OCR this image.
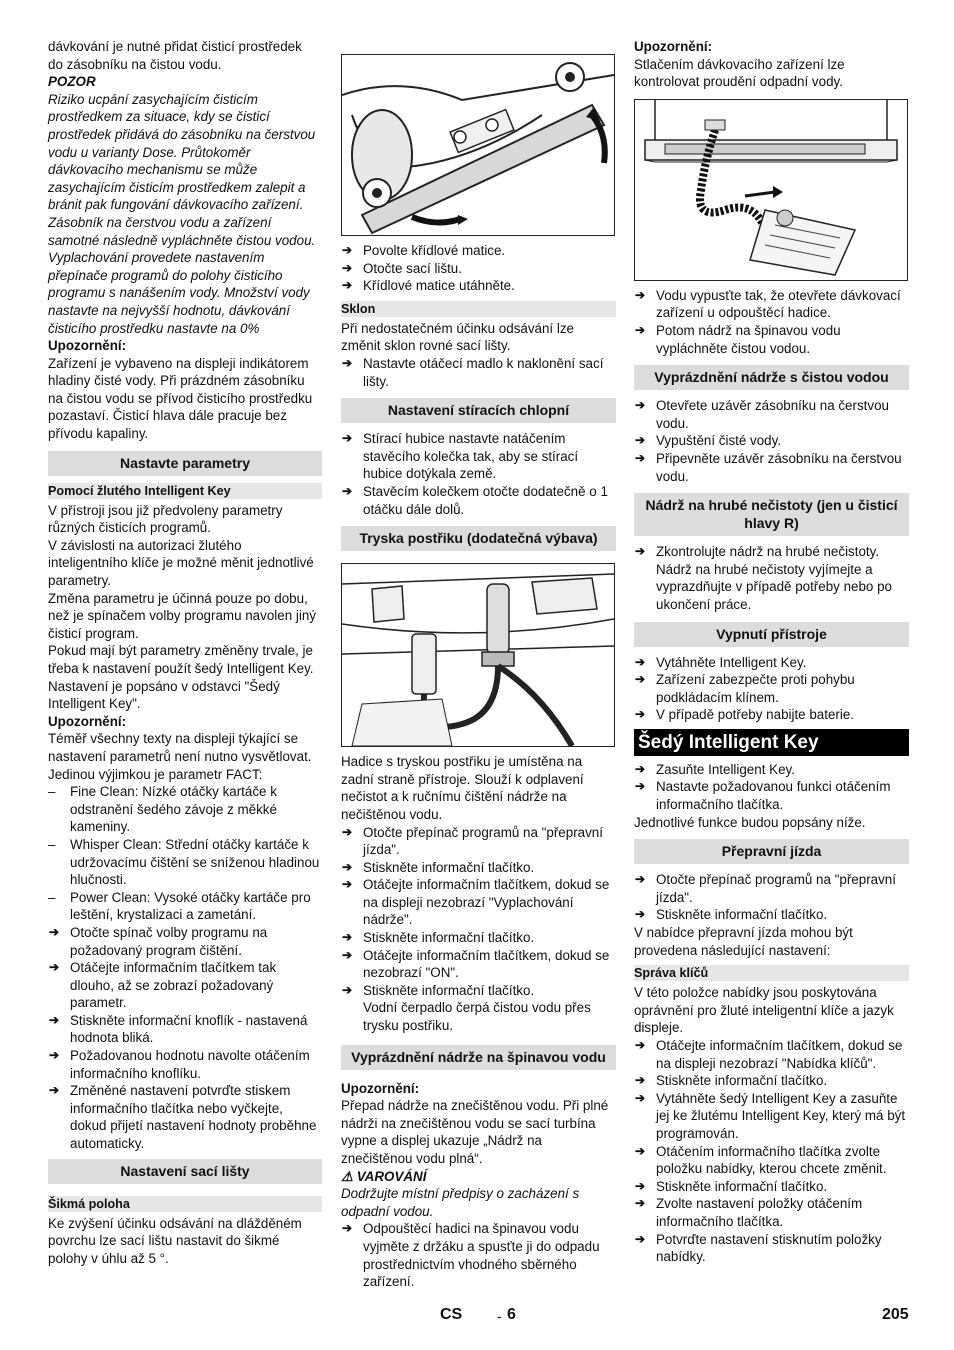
dávkování je nutné přidat čisticí prostředek

do zásobníku na čistou vodu.

POZOR

Riziko ucpání zasychajícím čisticím prostředkem za situace, kdy se čisticí prostředek přidává do zásobníku na čerstvou vodu u varianty Dose. Průtokoměr dávkovacího mechanismu se může zasychajícím čisticím prostředkem zalepit a bránit pak fungování dávkovacího zařízení. Zásobník na čerstvou vodu a zařízení samotné následně vypláchněte čistou vodou. Vyplachování provedete nastavením přepínače programů do polohy čisticího programu s nanášením vody. Množství vody nastavte na nejvyšší hodnotu, dávkování čisticího prostředku nastavte na 0%

Upozornění:

Zařízení je vybaveno na displeji indikátorem hladiny čisté vody. Při prázdném zásobníku na čistou vodu se přívod čisticího prostředku pozastaví. Čisticí hlava dále pracuje bez přívodu kapaliny.

Nastavte parametry
Pomocí žlutého Intelligent Key

V přístroji jsou již předvoleny parametry různých čisticích programů.

V závislosti na autorizaci žlutého inteligentního klíče je možné měnit jednotlivé parametry.

Změna parametru je účinná pouze po dobu, než je spínačem volby programu navolen jiný čisticí program.

Pokud mají být parametry změněny trvale, je třeba k nastavení použít šedý Intelligent Key. Nastavení je popsáno v odstavci "Šedý Intelligent Key".

Upozornění:

Téměř všechny texty na displeji týkající se nastavení parametrů není nutno vysvětlovat. Jedinou výjimkou je parametr FACT:

– Fine Clean: Nízké otáčky kartáče k odstranění šedého závoje z měkké kameniny.

– Whisper Clean: Střední otáčky kartáče k udržovacímu čištění se sníženou hladinou hlučnosti.

– Power Clean: Vysoké otáčky kartáče pro leštění, krystalizaci a zametání.

➔ Otočte spínač volby programu na požadovaný program čištění.

➔ Otáčejte informačním tlačítkem tak dlouho, až se zobrazí požadovaný parametr.

➔ Stiskněte informační knoflík - nastavená hodnota bliká.

➔ Požadovanou hodnotu navolte otáčením informačního knoflíku.

➔ Změněné nastavení potvrďte stiskem informačního tlačítka nebo vyčkejte, dokud přijetí nastavení hodnoty proběhne automaticky.

Nastavení sací lišty
Šikmá poloha

Ke zvýšení účinku odsávání na dlážděném povrchu lze sací lištu nastavit do šikmé polohy v úhlu až 5 °.

➔ Povolte křídlové matice.

➔ Otočte sací lištu.

➔ Křídlové matice utáhněte.

Sklon

Při nedostatečném účinku odsávání lze změnit sklon rovné sací lišty.

➔ Nastavte otáčecí madlo k naklonění sací lišty.

Nastavení stíracích chlopní

➔ Stírací hubice nastavte natáčením stavěcího kolečka tak, aby se stírací hubice dotýkala země.

➔ Stavěcím kolečkem otočte dodatečně o 1 otáčku dále dolů.

Tryska postřiku (dodatečná výbava)

Hadice s tryskou postřiku je umístěna na zadní straně přístroje. Slouží k odplavení nečistot a k ručnímu čištění nádrže na nečištěnou vodu.

➔ Otočte přepínač programů na "přepravní jízda".

➔ Stiskněte informační tlačítko.

➔ Otáčejte informačním tlačítkem, dokud se na displeji nezobrazí "Vyplachování nádrže".

➔ Stiskněte informační tlačítko.

➔ Otáčejte informačním tlačítkem, dokud se nezobrazí "ON".

➔ Stiskněte informační tlačítko.

Vodní čerpadlo čerpá čistou vodu přes trysku postřiku.

Vyprázdnění nádrže na špinavou vodu

Upozornění:

Přepad nádrže na znečištěnou vodu. Při plné nádrži na znečištěnou vodu se sací turbína vypne a displej ukazuje „Nádrž na znečištěnou vodu plná“.

⚠ VAROVÁNÍ

Dodržujte místní předpisy o zacházení s odpadní vodou.

➔ Odpouštěcí hadici na špinavou vodu vyjměte z držáku a spusťte ji do odpadu prostřednictvím vhodného sběrného zařízení.

Upozornění:

Stlačením dávkovacího zařízení lze kontrolovat proudění odpadní vody.

➔ Vodu vypusťte tak, že otevřete dávkovací zařízení u odpouštěcí hadice.

➔ Potom nádrž na špinavou vodu vypláchněte čistou vodou.

Vyprázdnění nádrže s čistou vodou

➔ Otevřete uzávěr zásobníku na čerstvou vodu.

➔ Vypuštění čisté vody.

➔ Připevněte uzávěr zásobníku na čerstvou vodu.

Nádrž na hrubé nečistoty (jen u čisticí hlavy R)

➔ Zkontrolujte nádrž na hrubé nečistoty. Nádrž na hrubé nečistoty vyjímejte a vyprazdňujte v případě potřeby nebo po ukončení práce.

Vypnutí přístroje

➔ Vytáhněte Intelligent Key.

➔ Zařízení zabezpečte proti pohybu podkládacím klínem.

➔ V případě potřeby nabijte baterie.

Šedý Intelligent Key

➔ Zasuňte Intelligent Key.

➔ Nastavte požadovanou funkci otáčením informačního tlačítka.

Jednotlivé funkce budou popsány níže.

Přepravní jízda

➔ Otočte přepínač programů na "přepravní jízda".

➔ Stiskněte informační tlačítko.

V nabídce přepravní jízda mohou být provedena následující nastavení:

Správa klíčů

V této položce nabídky jsou poskytována oprávnění pro žluté inteligentní klíče a jazyk displeje.

➔ Otáčejte informačním tlačítkem, dokud se na displeji nezobrazí "Nabídka klíčů".

➔ Stiskněte informační tlačítko.

➔ Vytáhněte šedý Intelligent Key a zasuňte jej ke žlutému Intelligent Key, který má být programován.

➔ Otáčením informačního tlačítka zvolte položku nabídky, kterou chcete změnit.

➔ Stiskněte informační tlačítko.

➔ Zvolte nastavení položky otáčením informačního tlačítka.

➔ Potvrďte nastavení stisknutím položky nabídky.

CS - 6	205
